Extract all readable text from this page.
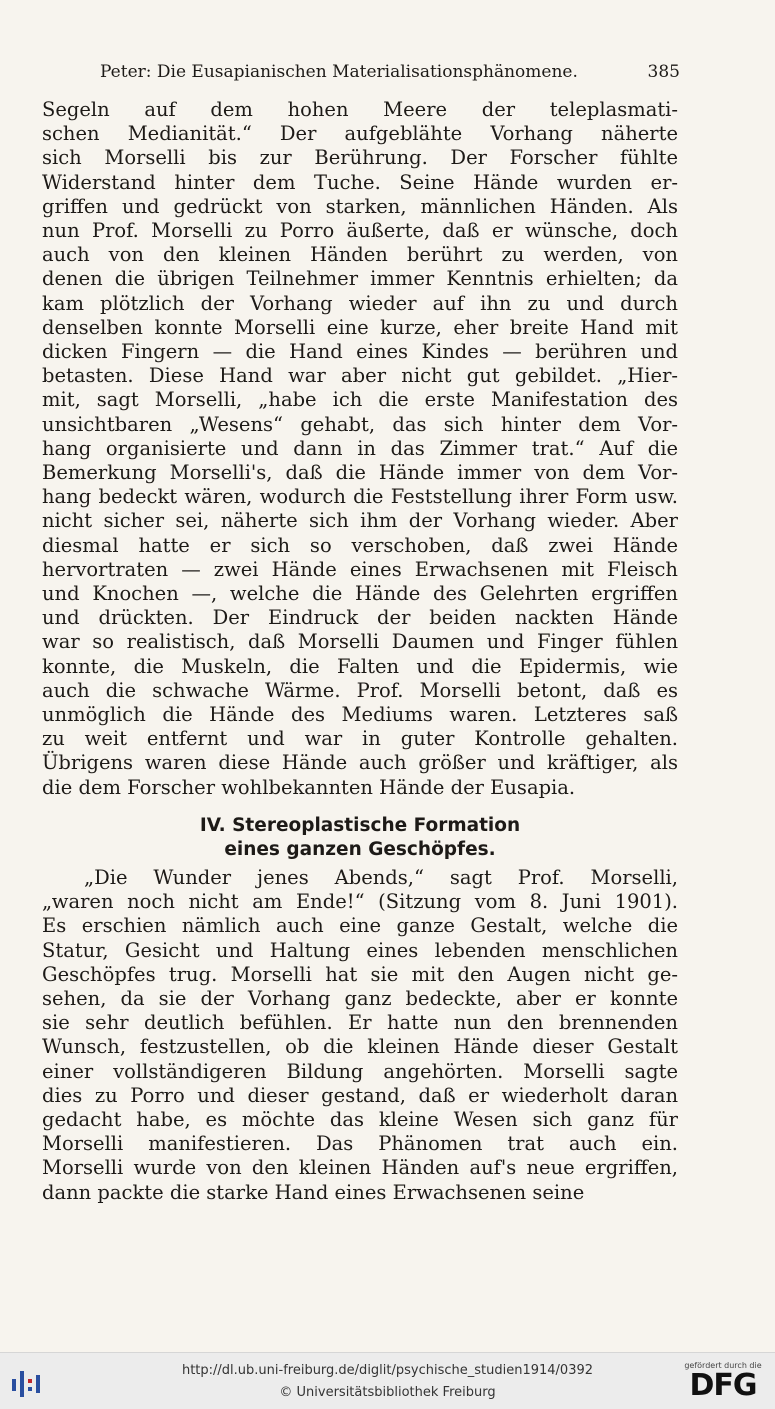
Peter: Die Eusapianischen Materialisationsphänomene.	385
Segeln auf dem hohen Meere der teleplasmati-
schen Medianität.“ Der aufgeblähte Vorhang näherte
sich Morselli bis zur Berührung. Der Forscher fühlte
Widerstand hinter dem Tuche. Seine Hände wurden er-
griffen und gedrückt von starken, männlichen Händen. Als
nun Prof. Morselli zu Porro äußerte, daß er wünsche, doch
auch von den kleinen Händen berührt zu werden, von
denen die übrigen Teilnehmer immer Kenntnis erhielten; da
kam plötzlich der Vorhang wieder auf ihn zu und durch
denselben konnte Morselli eine kurze, eher breite Hand mit
dicken Fingern — die Hand eines Kindes — berühren und
betasten. Diese Hand war aber nicht gut gebildet. „Hier-
mit, sagt Morselli, „habe ich die erste Manifestation des
unsichtbaren „Wesens“ gehabt, das sich hinter dem Vor-
hang organisierte und dann in das Zimmer trat.“ Auf die
Bemerkung Morselli's, daß die Hände immer von dem Vor-
hang bedeckt wären, wodurch die Feststellung ihrer Form usw.
nicht sicher sei, näherte sich ihm der Vorhang wieder. Aber
diesmal hatte er sich so verschoben, daß zwei Hände
hervortraten — zwei Hände eines Erwachsenen mit Fleisch
und Knochen —, welche die Hände des Gelehrten ergriffen
und drückten. Der Eindruck der beiden nackten Hände
war so realistisch, daß Morselli Daumen und Finger fühlen
konnte, die Muskeln, die Falten und die Epidermis, wie
auch die schwache Wärme. Prof. Morselli betont, daß es
unmöglich die Hände des Mediums waren. Letzteres saß
zu weit entfernt und war in guter Kontrolle gehalten.
Übrigens waren diese Hände auch größer und kräftiger, als
die dem Forscher wohlbekannten Hände der Eusapia.
IV. Stereoplastische Formation
eines ganzen Geschöpfes.
„Die Wunder jenes Abends,“ sagt Prof. Morselli,
„waren noch nicht am Ende!“ (Sitzung vom 8. Juni 1901).
Es erschien nämlich auch eine ganze Gestalt, welche die
Statur, Gesicht und Haltung eines lebenden menschlichen
Geschöpfes trug. Morselli hat sie mit den Augen nicht ge-
sehen, da sie der Vorhang ganz bedeckte, aber er konnte
sie sehr deutlich befühlen. Er hatte nun den brennenden
Wunsch, festzustellen, ob die kleinen Hände dieser Gestalt
einer vollständigeren Bildung angehörten. Morselli sagte
dies zu Porro und dieser gestand, daß er wiederholt daran
gedacht habe, es möchte das kleine Wesen sich ganz für
Morselli manifestieren. Das Phänomen trat auch ein.
Morselli wurde von den kleinen Händen auf's neue ergriffen,
dann packte die starke Hand eines Erwachsenen seine
http://dl.ub.uni-freiburg.de/diglit/psychische_studien1914/0392
© Universitätsbibliothek Freiburg
gefördert durch die
DFG
